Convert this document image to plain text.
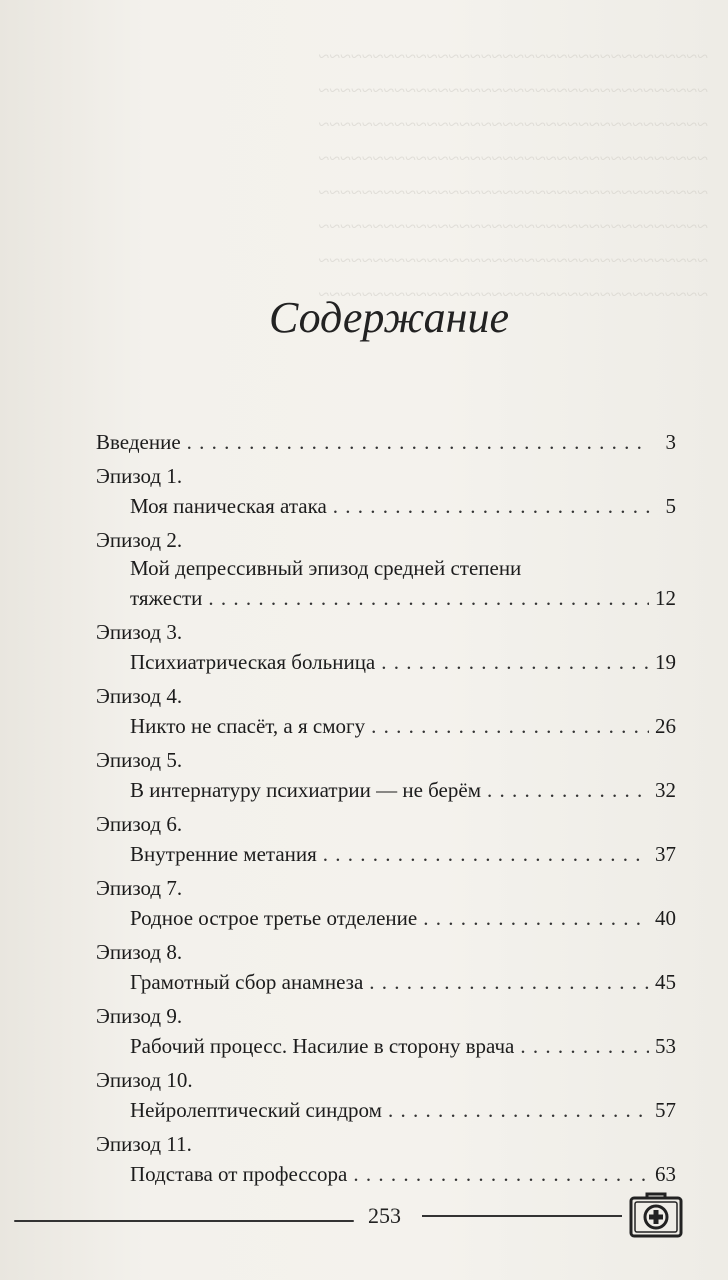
~~~~~~~~~~~~~~~~~~~~~~~~~~~~~~~~~~~~
~~~~~~~~~~~~~~~~~~~~~~~~~~~~~~~~~~~~
~~~~~~~~~~~~~~~~~~~~~~~~~~~~~~~~~~~~
~~~~~~~~~~~~~~~~~~~~~~~~~~~~~~~~~~~~
~~~~~~~~~~~~~~~~~~~~~~~~~~~~~~~~~~~~
~~~~~~~~~~~~~~~~~~~~~~~~~~~~~~~~~~~~
~~~~~~~~~~~~~~~~~~~~~~~~~~~~~~~~~~~~
~~~~~~~~~~~~~~~~~~~~~~~~~~~~~~~~~~~~
Содержание
Введение . . .	3
Эпизод 1.
Моя паническая атака . . .	5
Эпизод 2.
Мой депрессивный эпизод средней степени
тяжести . . .	12
Эпизод 3.
Психиатрическая больница . . .	19
Эпизод 4.
Никто не спасёт, а я смогу . . .	26
Эпизод 5.
В интернатуру психиатрии — не берём . . .	32
Эпизод 6.
Внутренние метания . . .	37
Эпизод 7.
Родное острое третье отделение . . .	40
Эпизод 8.
Грамотный сбор анамнеза . . .	45
Эпизод 9.
Рабочий процесс. Насилие в сторону врача . . .	53
Эпизод 10.
Нейролептический синдром . . .	57
Эпизод 11.
Подстава от профессора . . .	63
253
